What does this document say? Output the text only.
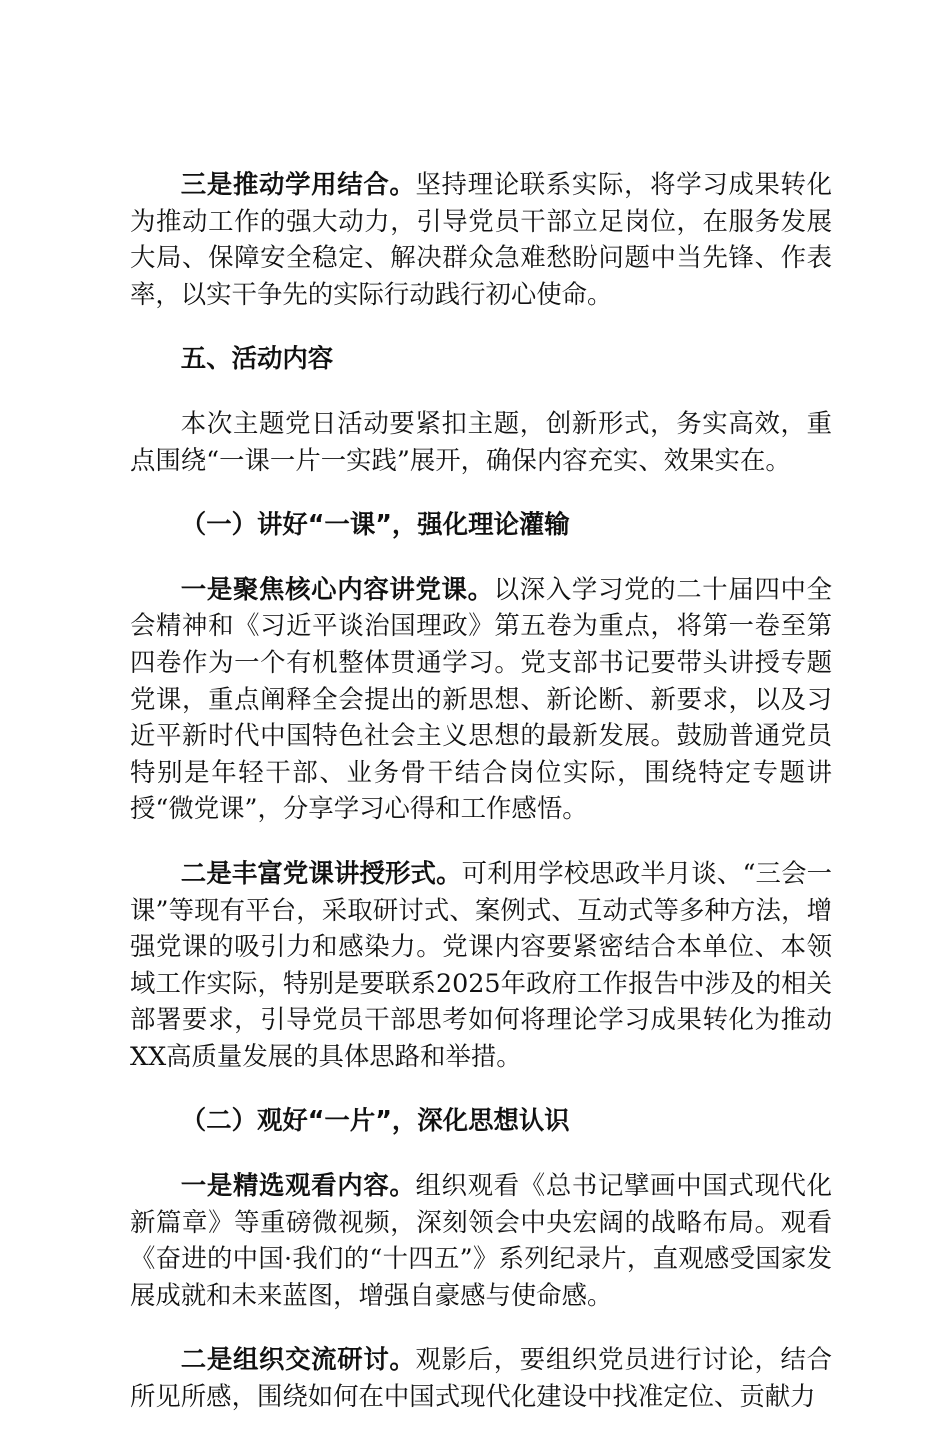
三是推动学用结合。坚持理论联系实际，将学习成果转化为推动工作的强大动力，引导党员干部立足岗位，在服务发展大局、保障安全稳定、解决群众急难愁盼问题中当先锋、作表率，以实干争先的实际行动践行初心使命。

五、活动内容

本次主题党日活动要紧扣主题，创新形式，务实高效，重点围绕“一课一片一实践”展开，确保内容充实、效果实在。

（一）讲好“一课”，强化理论灌输

一是聚焦核心内容讲党课。以深入学习党的二十届四中全会精神和《习近平谈治国理政》第五卷为重点，将第一卷至第四卷作为一个有机整体贯通学习。党支部书记要带头讲授专题党课，重点阐释全会提出的新思想、新论断、新要求，以及习近平新时代中国特色社会主义思想的最新发展。鼓励普通党员特别是年轻干部、业务骨干结合岗位实际，围绕特定专题讲授“微党课”，分享学习心得和工作感悟。

二是丰富党课讲授形式。可利用学校思政半月谈、“三会一课”等现有平台，采取研讨式、案例式、互动式等多种方法，增强党课的吸引力和感染力。党课内容要紧密结合本单位、本领域工作实际，特别是要联系2025年政府工作报告中涉及的相关部署要求，引导党员干部思考如何将理论学习成果转化为推动XX高质量发展的具体思路和举措。

（二）观好“一片”，深化思想认识

一是精选观看内容。组织观看《总书记擘画中国式现代化新篇章》等重磅微视频，深刻领会中央宏阔的战略布局。观看《奋进的中国·我们的“十四五”》系列纪录片，直观感受国家发展成就和未来蓝图，增强自豪感与使命感。

二是组织交流研讨。观影后，要组织党员进行讨论，结合所见所感，围绕如何在中国式现代化建设中找准定位、贡献力
